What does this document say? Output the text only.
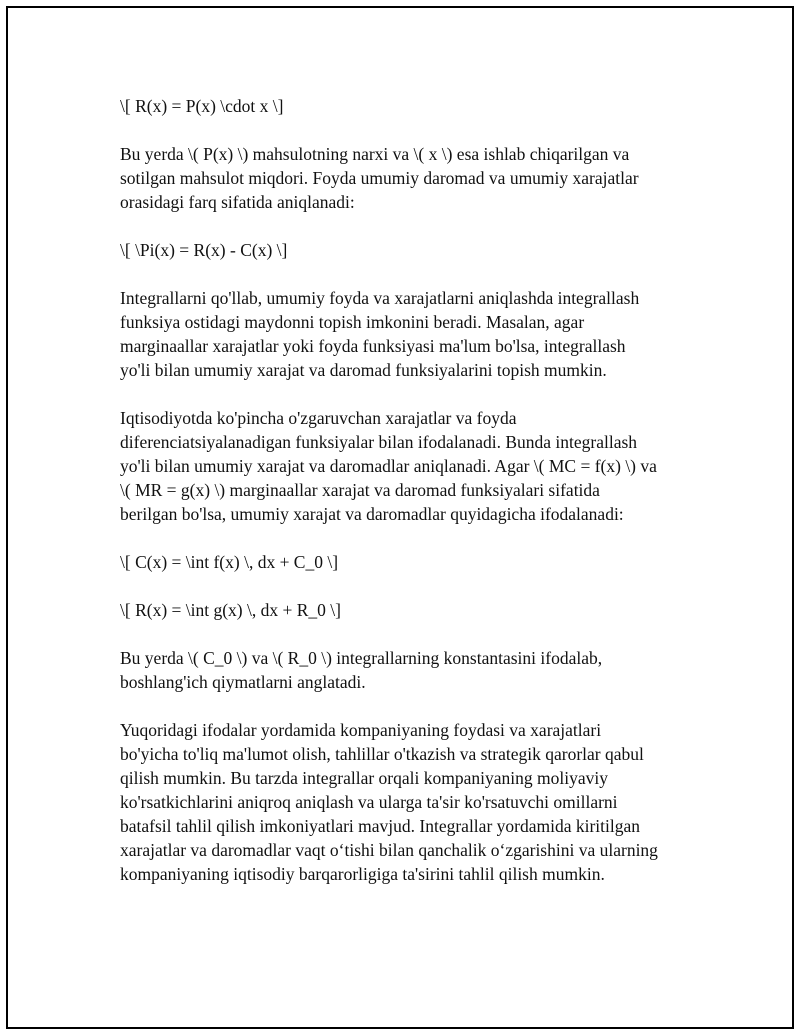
\[ R(x) = P(x) \cdot x \]

Bu yerda \( P(x) \) mahsulotning narxi va \( x \) esa ishlab chiqarilgan va
sotilgan mahsulot miqdori. Foyda umumiy daromad va umumiy xarajatlar
orasidagi farq sifatida aniqlanadi:

\[ \Pi(x) = R(x) - C(x) \]

Integrallarni qo'llab, umumiy foyda va xarajatlarni aniqlashda integrallash
funksiya ostidagi maydonni topish imkonini beradi. Masalan, agar
marginaallar xarajatlar yoki foyda funksiyasi ma'lum bo'lsa, integrallash
yo'li bilan umumiy xarajat va daromad funksiyalarini topish mumkin.

Iqtisodiyotda ko'pincha o'zgaruvchan xarajatlar va foyda
diferenciatsiyalanadigan funksiyalar bilan ifodalanadi. Bunda integrallash
yo'li bilan umumiy xarajat va daromadlar aniqlanadi. Agar \( MC = f(x) \) va
\( MR = g(x) \) marginaallar xarajat va daromad funksiyalari sifatida
berilgan bo'lsa, umumiy xarajat va daromadlar quyidagicha ifodalanadi:

\[ C(x) = \int f(x) \, dx + C_0 \]

\[ R(x) = \int g(x) \, dx + R_0 \]

Bu yerda \( C_0 \) va \( R_0 \) integrallarning konstantasini ifodalab,
boshlang'ich qiymatlarni anglatadi.

Yuqoridagi ifodalar yordamida kompaniyaning foydasi va xarajatlari
bo'yicha to'liq ma'lumot olish, tahlillar o'tkazish va strategik qarorlar qabul
qilish mumkin. Bu tarzda integrallar orqali kompaniyaning moliyaviy
ko'rsatkichlarini aniqroq aniqlash va ularga ta'sir ko'rsatuvchi omillarni
batafsil tahlil qilish imkoniyatlari mavjud. Integrallar yordamida kiritilgan
xarajatlar va daromadlar vaqt o‘tishi bilan qanchalik o‘zgarishini va ularning
kompaniyaning iqtisodiy barqarorligiga ta'sirini tahlil qilish mumkin.
